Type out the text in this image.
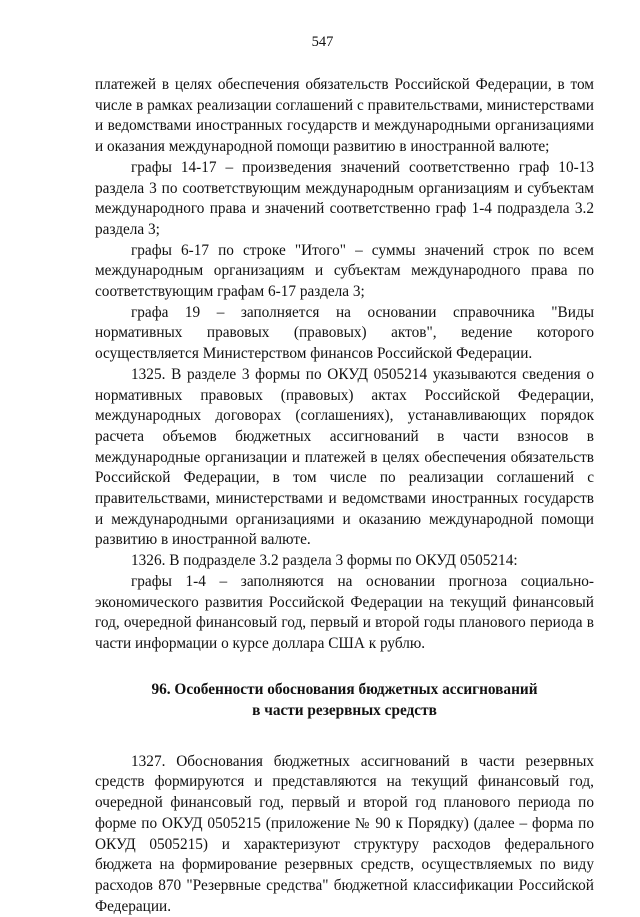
547

платежей в целях обеспечения обязательств Российской Федерации, в том числе в рамках реализации соглашений с правительствами, министерствами и ведомствами иностранных государств и международными организациями и оказания международной помощи развитию в иностранной валюте;

графы 14-17 – произведения значений соответственно граф 10-13 раздела 3 по соответствующим международным организациям и субъектам международного права и значений соответственно граф 1-4 подраздела 3.2 раздела 3;

графы 6-17 по строке "Итого" – суммы значений строк по всем международным организациям и субъектам международного права по соответствующим графам 6-17 раздела 3;

графа 19 – заполняется на основании справочника "Виды нормативных правовых (правовых) актов", ведение которого осуществляется Министерством финансов Российской Федерации.

1325. В разделе 3 формы по ОКУД 0505214 указываются сведения о нормативных правовых (правовых) актах Российской Федерации, международных договорах (соглашениях), устанавливающих порядок расчета объемов бюджетных ассигнований в части взносов в международные организации и платежей в целях обеспечения обязательств Российской Федерации, в том числе по реализации соглашений с правительствами, министерствами и ведомствами иностранных государств и международными организациями и оказанию международной помощи развитию в иностранной валюте.

1326. В подразделе 3.2 раздела 3 формы по ОКУД 0505214:

графы 1-4 – заполняются на основании прогноза социально-экономического развития Российской Федерации на текущий финансовый год, очередной финансовый год, первый и второй годы планового периода в части информации о курсе доллара США к рублю.

96. Особенности обоснования бюджетных ассигнований
в части резервных средств

1327. Обоснования бюджетных ассигнований в части резервных средств формируются и представляются на текущий финансовый год, очередной финансовый год, первый и второй год планового периода по форме по ОКУД 0505215 (приложение № 90 к Порядку) (далее – форма по ОКУД 0505215) и характеризуют структуру расходов федерального бюджета на формирование резервных средств, осуществляемых по виду расходов 870 "Резервные средства" бюджетной классификации Российской Федерации.
